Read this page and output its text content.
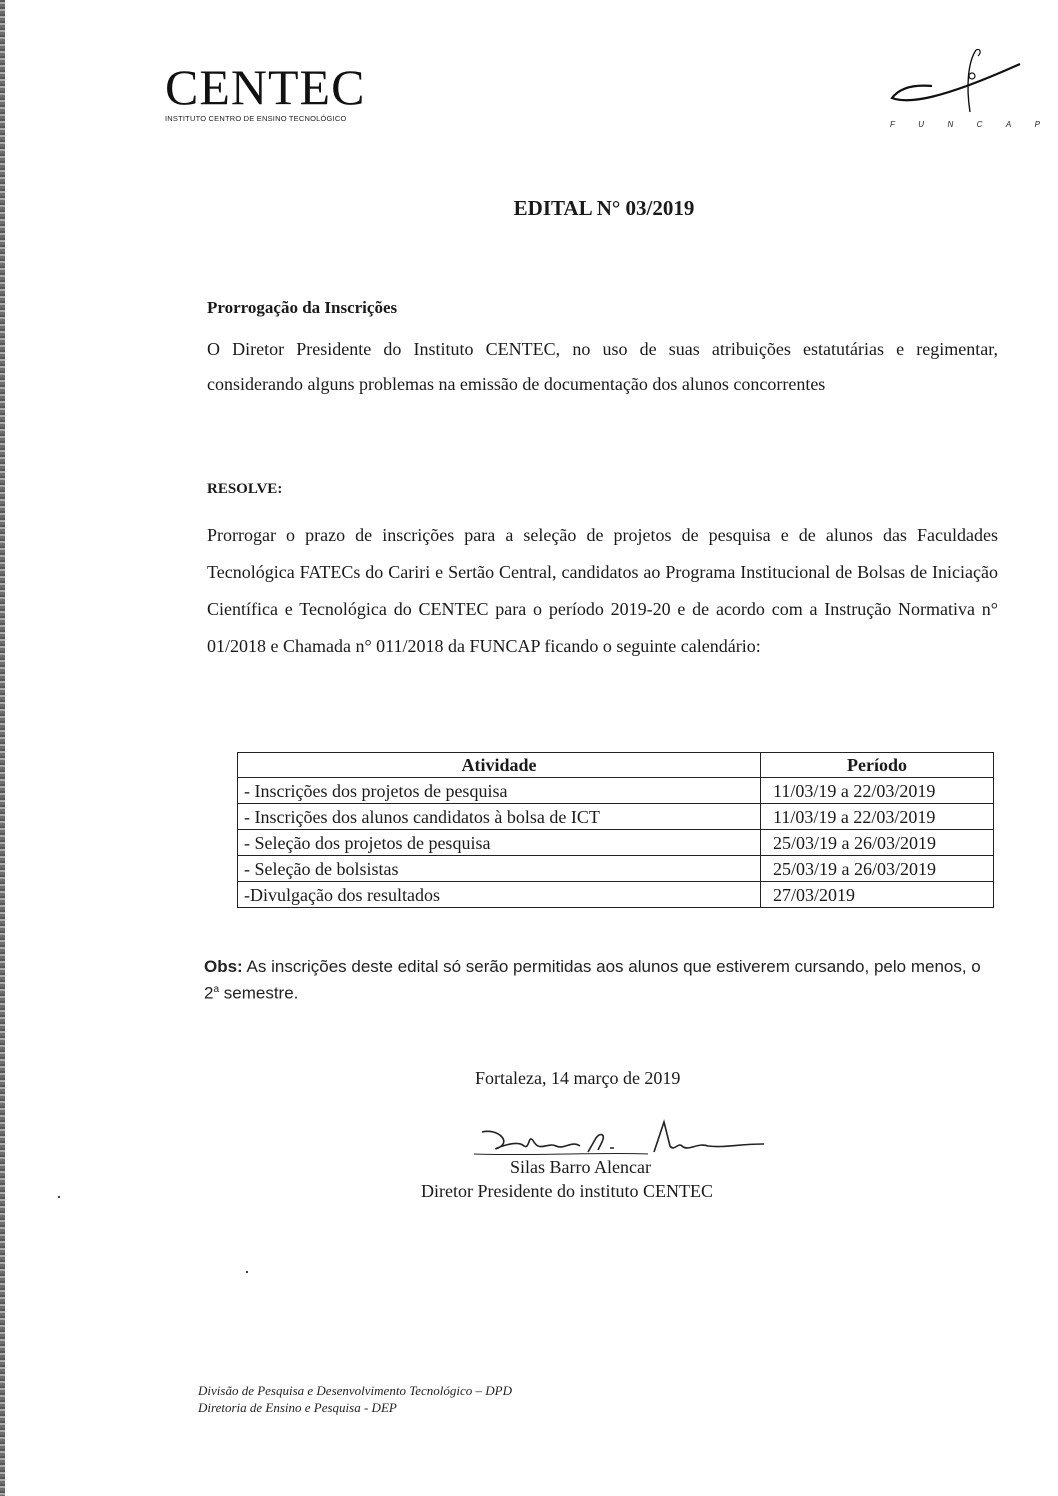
CENTEC
INSTITUTO CENTRO DE ENSINO TECNOLÓGICO
F	U	N	C	A	P
EDITAL N° 03/2019

Prorrogação da Inscrições

O Diretor Presidente do Instituto CENTEC, no uso de suas atribuições estatutárias e regimentar, considerando alguns problemas na emissão de documentação dos alunos concorrentes

RESOLVE:

Prorrogar o prazo de inscrições para a seleção de projetos de pesquisa e de alunos das Faculdades Tecnológica FATECs do Cariri e Sertão Central, candidatos ao Programa Institucional de Bolsas de Iniciação Científica e Tecnológica do CENTEC para o período 2019-20 e de acordo com a Instrução Normativa n° 01/2018 e Chamada n° 011/2018 da FUNCAP ficando o seguinte calendário:

Atividade	Período
- Inscrições dos projetos de pesquisa	11/03/19 a 22/03/2019
- Inscrições dos alunos candidatos à bolsa de ICT	11/03/19 a 22/03/2019
- Seleção dos projetos de pesquisa	25/03/19 a 26/03/2019
- Seleção de bolsistas	25/03/19 a 26/03/2019
-Divulgação dos resultados	27/03/2019

Obs: As inscrições deste edital só serão permitidas aos alunos que estiverem cursando, pelo menos, o 2$^a$ semestre.

Fortaleza, 14 março de 2019

Silas Barro Alencar

Diretor Presidente do instituto CENTEC

Divisão de Pesquisa e Desenvolvimento Tecnológico – DPD
Diretoria de Ensino e Pesquisa - DEP
